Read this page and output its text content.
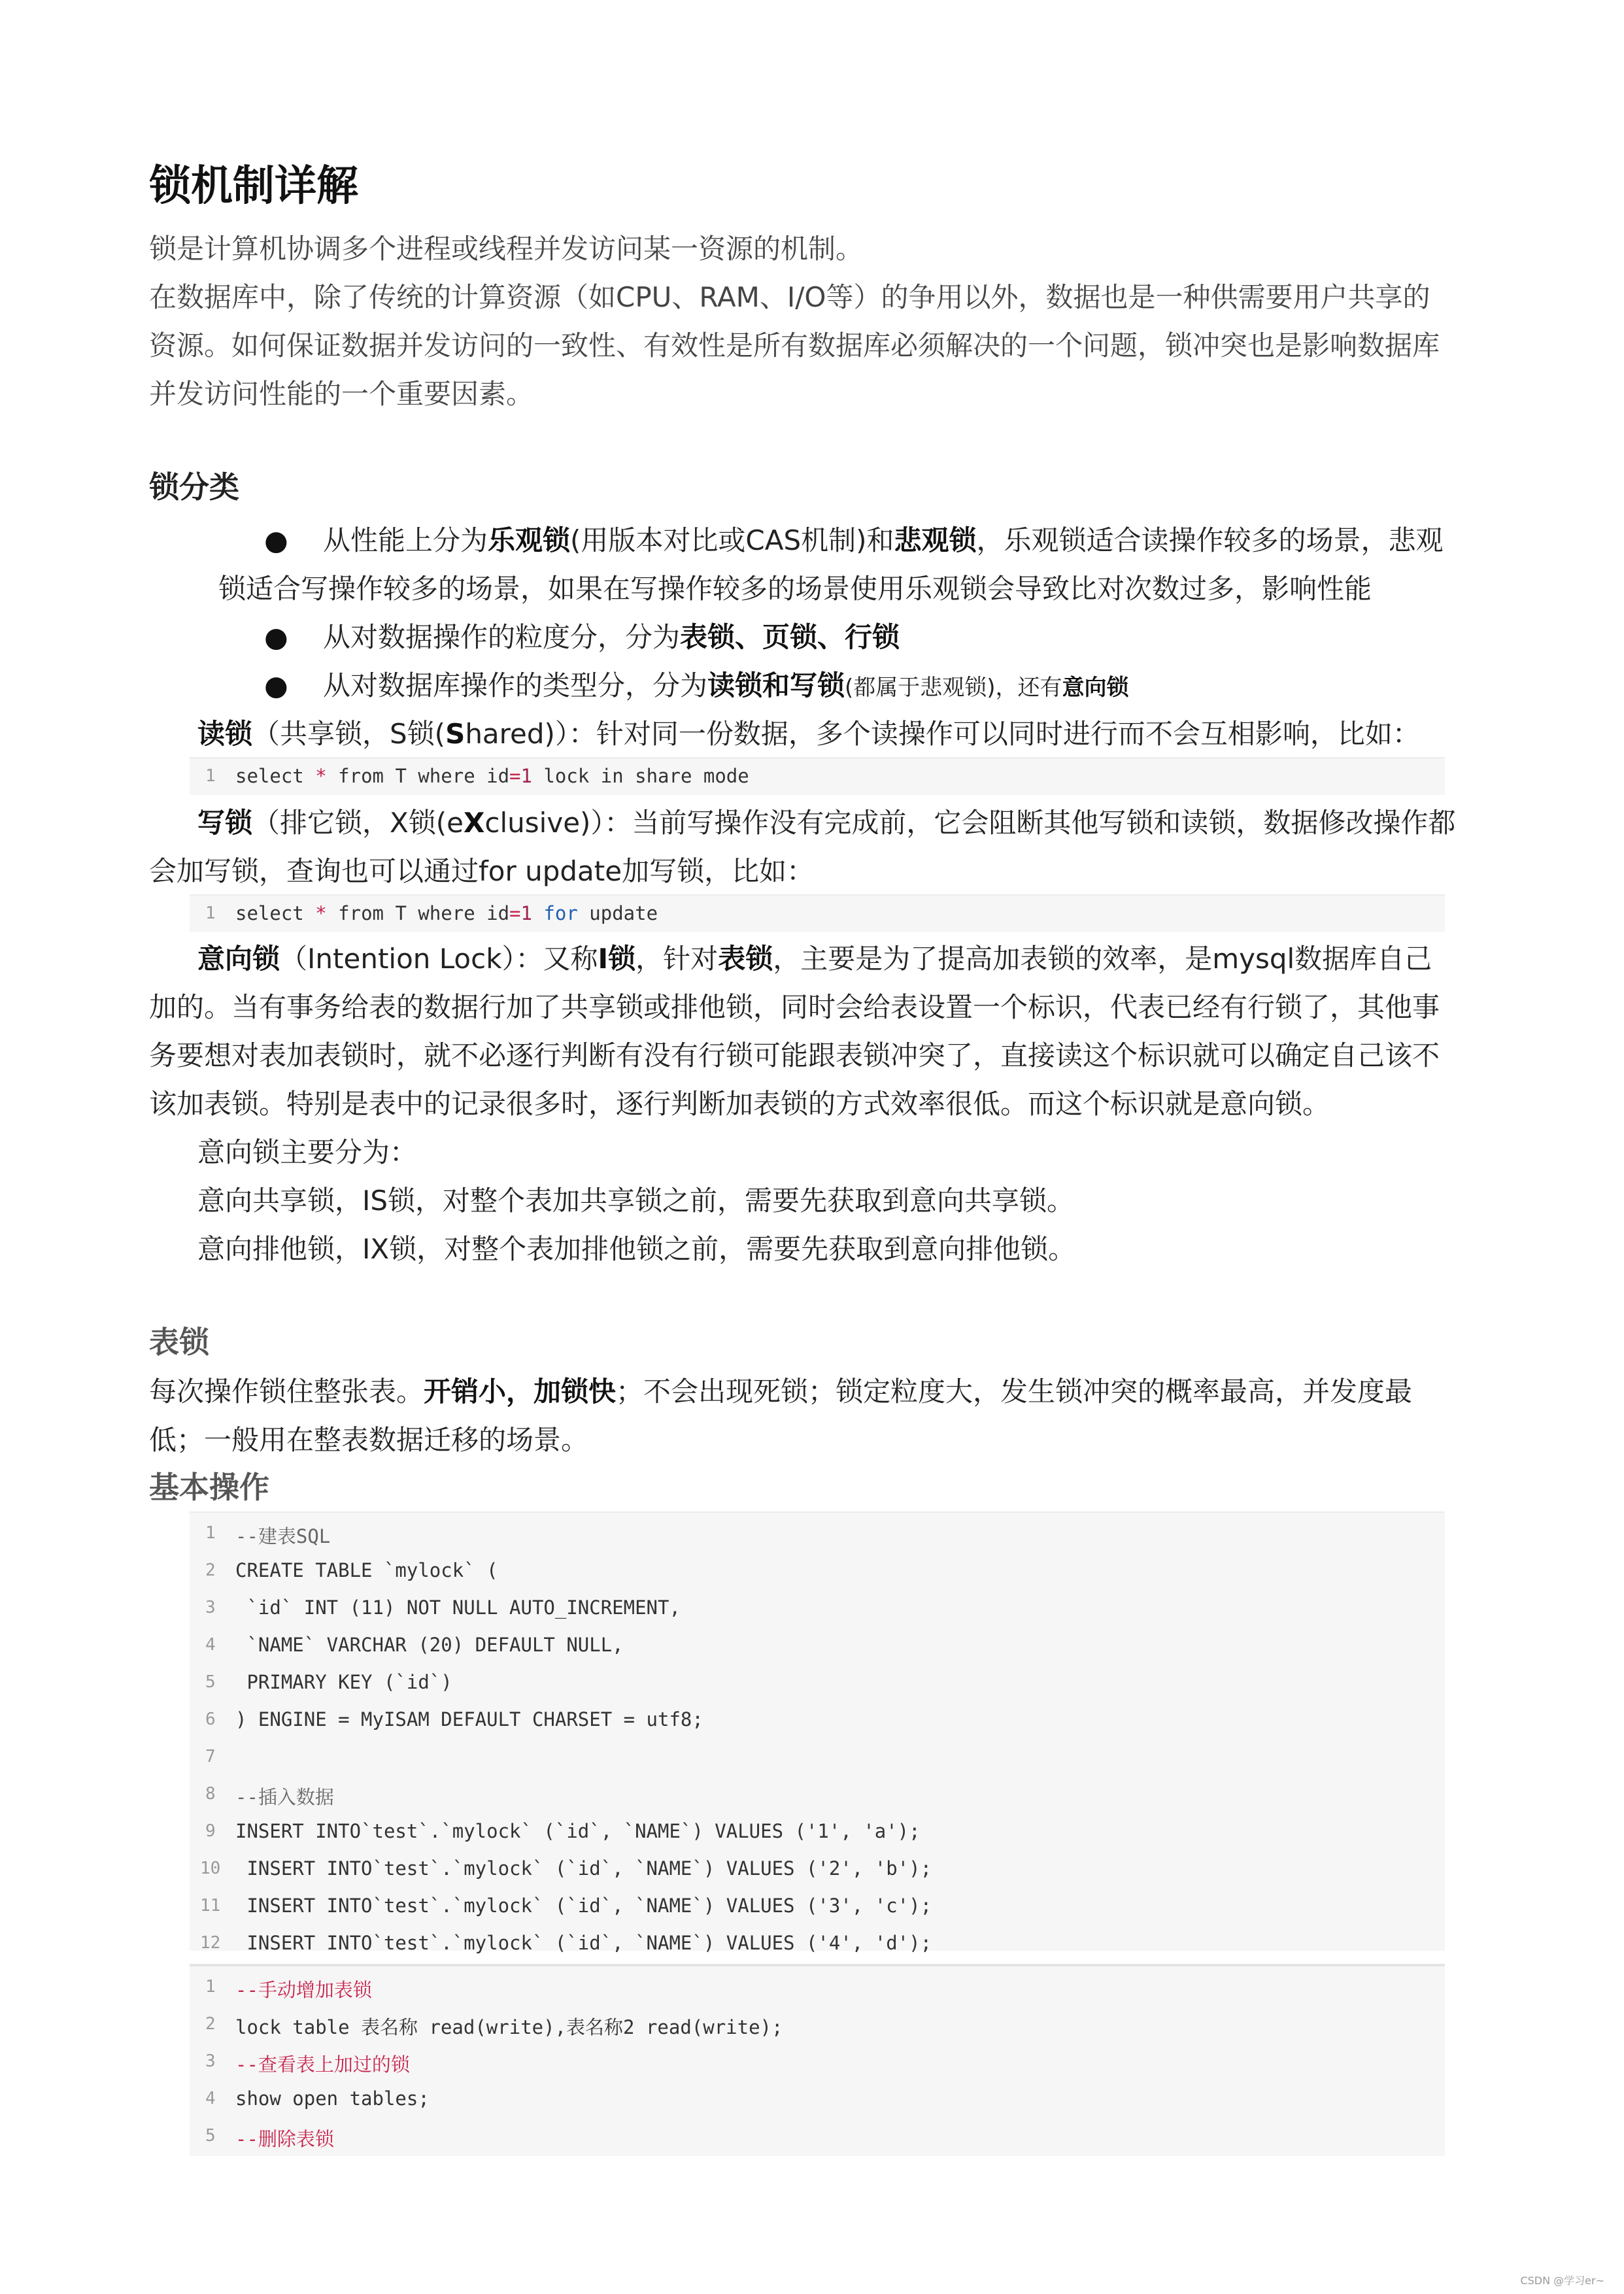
锁机制详解
锁是计算机协调多个进程或线程并发访问某一资源的机制。
在数据库中，除了传统的计算资源（如CPU、RAM、I/O等）的争用以外，数据也是一种供需要用户共享的
资源。如何保证数据并发访问的一致性、有效性是所有数据库必须解决的一个问题，锁冲突也是影响数据库
并发访问性能的一个重要因素。
锁分类
● 从性能上分为乐观锁(用版本对比或CAS机制)和悲观锁，乐观锁适合读操作较多的场景，悲观
锁适合写操作较多的场景，如果在写操作较多的场景使用乐观锁会导致比对次数过多，影响性能
● 从对数据操作的粒度分，分为表锁、页锁、行锁
● 从对数据库操作的类型分，分为读锁和写锁(都属于悲观锁)，还有意向锁
读锁（共享锁，S锁(Shared)）：针对同一份数据，多个读操作可以同时进行而不会互相影响，比如：
1	select * from T where id=1 lock in share mode
写锁（排它锁，X锁(eXclusive)）：当前写操作没有完成前，它会阻断其他写锁和读锁，数据修改操作都
会加写锁，查询也可以通过for update加写锁，比如：
1	select * from T where id=1 for update
意向锁（Intention Lock）：又称I锁，针对表锁，主要是为了提高加表锁的效率，是mysql数据库自己
加的。当有事务给表的数据行加了共享锁或排他锁，同时会给表设置一个标识，代表已经有行锁了，其他事
务要想对表加表锁时，就不必逐行判断有没有行锁可能跟表锁冲突了，直接读这个标识就可以确定自己该不
该加表锁。特别是表中的记录很多时，逐行判断加表锁的方式效率很低。而这个标识就是意向锁。
意向锁主要分为：
意向共享锁，IS锁，对整个表加共享锁之前，需要先获取到意向共享锁。
意向排他锁，IX锁，对整个表加排他锁之前，需要先获取到意向排他锁。
表锁
每次操作锁住整张表。开销小，加锁快；不会出现死锁；锁定粒度大，发生锁冲突的概率最高，并发度最
低；一般用在整表数据迁移的场景。
基本操作
1	--建表SQL
2	CREATE TABLE `mylock` (
3	`id` INT (11) NOT NULL AUTO_INCREMENT,
4	`NAME` VARCHAR (20) DEFAULT NULL,
5	PRIMARY KEY (`id`)
6	) ENGINE = MyISAM DEFAULT CHARSET = utf8;
7
8	--插入数据
9	INSERT INTO`test`.`mylock` (`id`, `NAME`) VALUES ('1', 'a');
10 INSERT INTO`test`.`mylock` (`id`, `NAME`) VALUES ('2', 'b');
11 INSERT INTO`test`.`mylock` (`id`, `NAME`) VALUES ('3', 'c');
12 INSERT INTO`test`.`mylock` (`id`, `NAME`) VALUES ('4', 'd');
1	--手动增加表锁
2	lock table 表名称 read(write),表名称2 read(write);
3	--查看表上加过的锁
4	show open tables;
5	--删除表锁
CSDN @学习er~
